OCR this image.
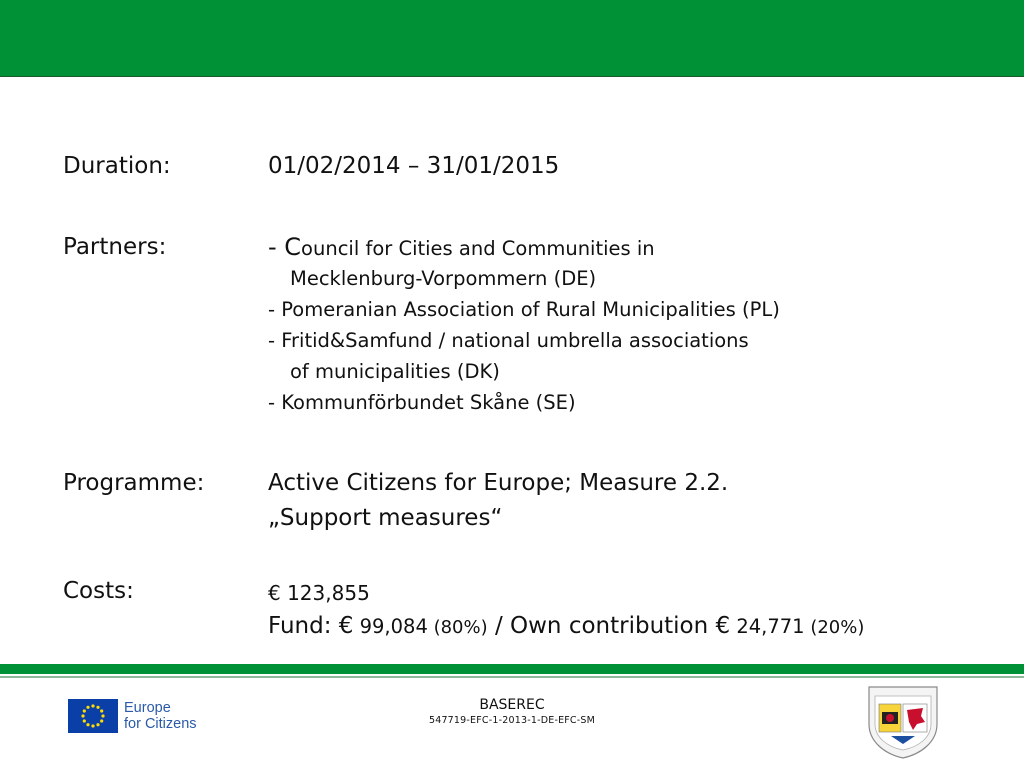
Duration:	01/02/2014 – 31/01/2015
Partners:	- Council for Cities and Communities in
Mecklenburg-Vorpommern (DE)
- Pomeranian Association of Rural Municipalities (PL)
- Fritid&Samfund / national umbrella associations
of municipalities (DK)
- Kommunförbundet Skåne (SE)
Programme:	Active Citizens for Europe; Measure 2.2.
„Support measures“
Costs:	€ 123,855
Fund: € 99,084 (80%) / Own contribution € 24,771 (20%)
Europe
for Citizens
BASEREC
547719-EFC-1-2013-1-DE-EFC-SM
